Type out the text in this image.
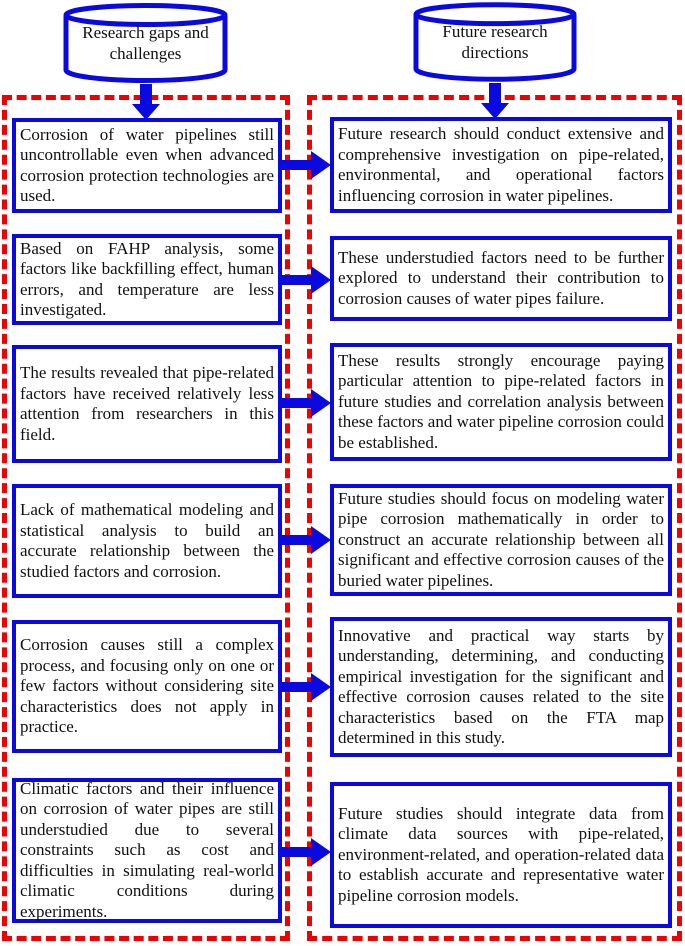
Research gaps and challenges
Future research directions
Corrosion of water pipelines still uncontrollable even when advanced corrosion protection technologies are used.
Based on FAHP analysis, some factors like backfilling effect, human errors, and temperature are less investigated.
The results revealed that pipe-related factors have received relatively less attention from researchers in this field.
Lack of mathematical modeling and statistical analysis to build an accurate relationship between the studied factors and corrosion.
Corrosion causes still a complex process, and focusing only on one or few factors without considering site characteristics does not apply in practice.
Climatic factors and their influence on corrosion of water pipes are still understudied due to several constraints such as cost and difficulties in simulating real-world climatic conditions during experiments.
Future research should conduct extensive and comprehensive investigation on pipe-related, environmental, and operational factors influencing corrosion in water pipelines.
These understudied factors need to be further explored to understand their contribution to corrosion causes of water pipes failure.
These results strongly encourage paying particular attention to pipe-related factors in future studies and correlation analysis between these factors and water pipeline corrosion could be established.
Future studies should focus on modeling water pipe corrosion mathematically in order to construct an accurate relationship between all significant and effective corrosion causes of the buried water pipelines.
Innovative and practical way starts by understanding, determining, and conducting empirical investigation for the significant and effective corrosion causes related to the site characteristics based on the FTA map determined in this study.
Future studies should integrate data from climate data sources with pipe-related, environment-related, and operation-related data to establish accurate and representative water pipeline corrosion models.
